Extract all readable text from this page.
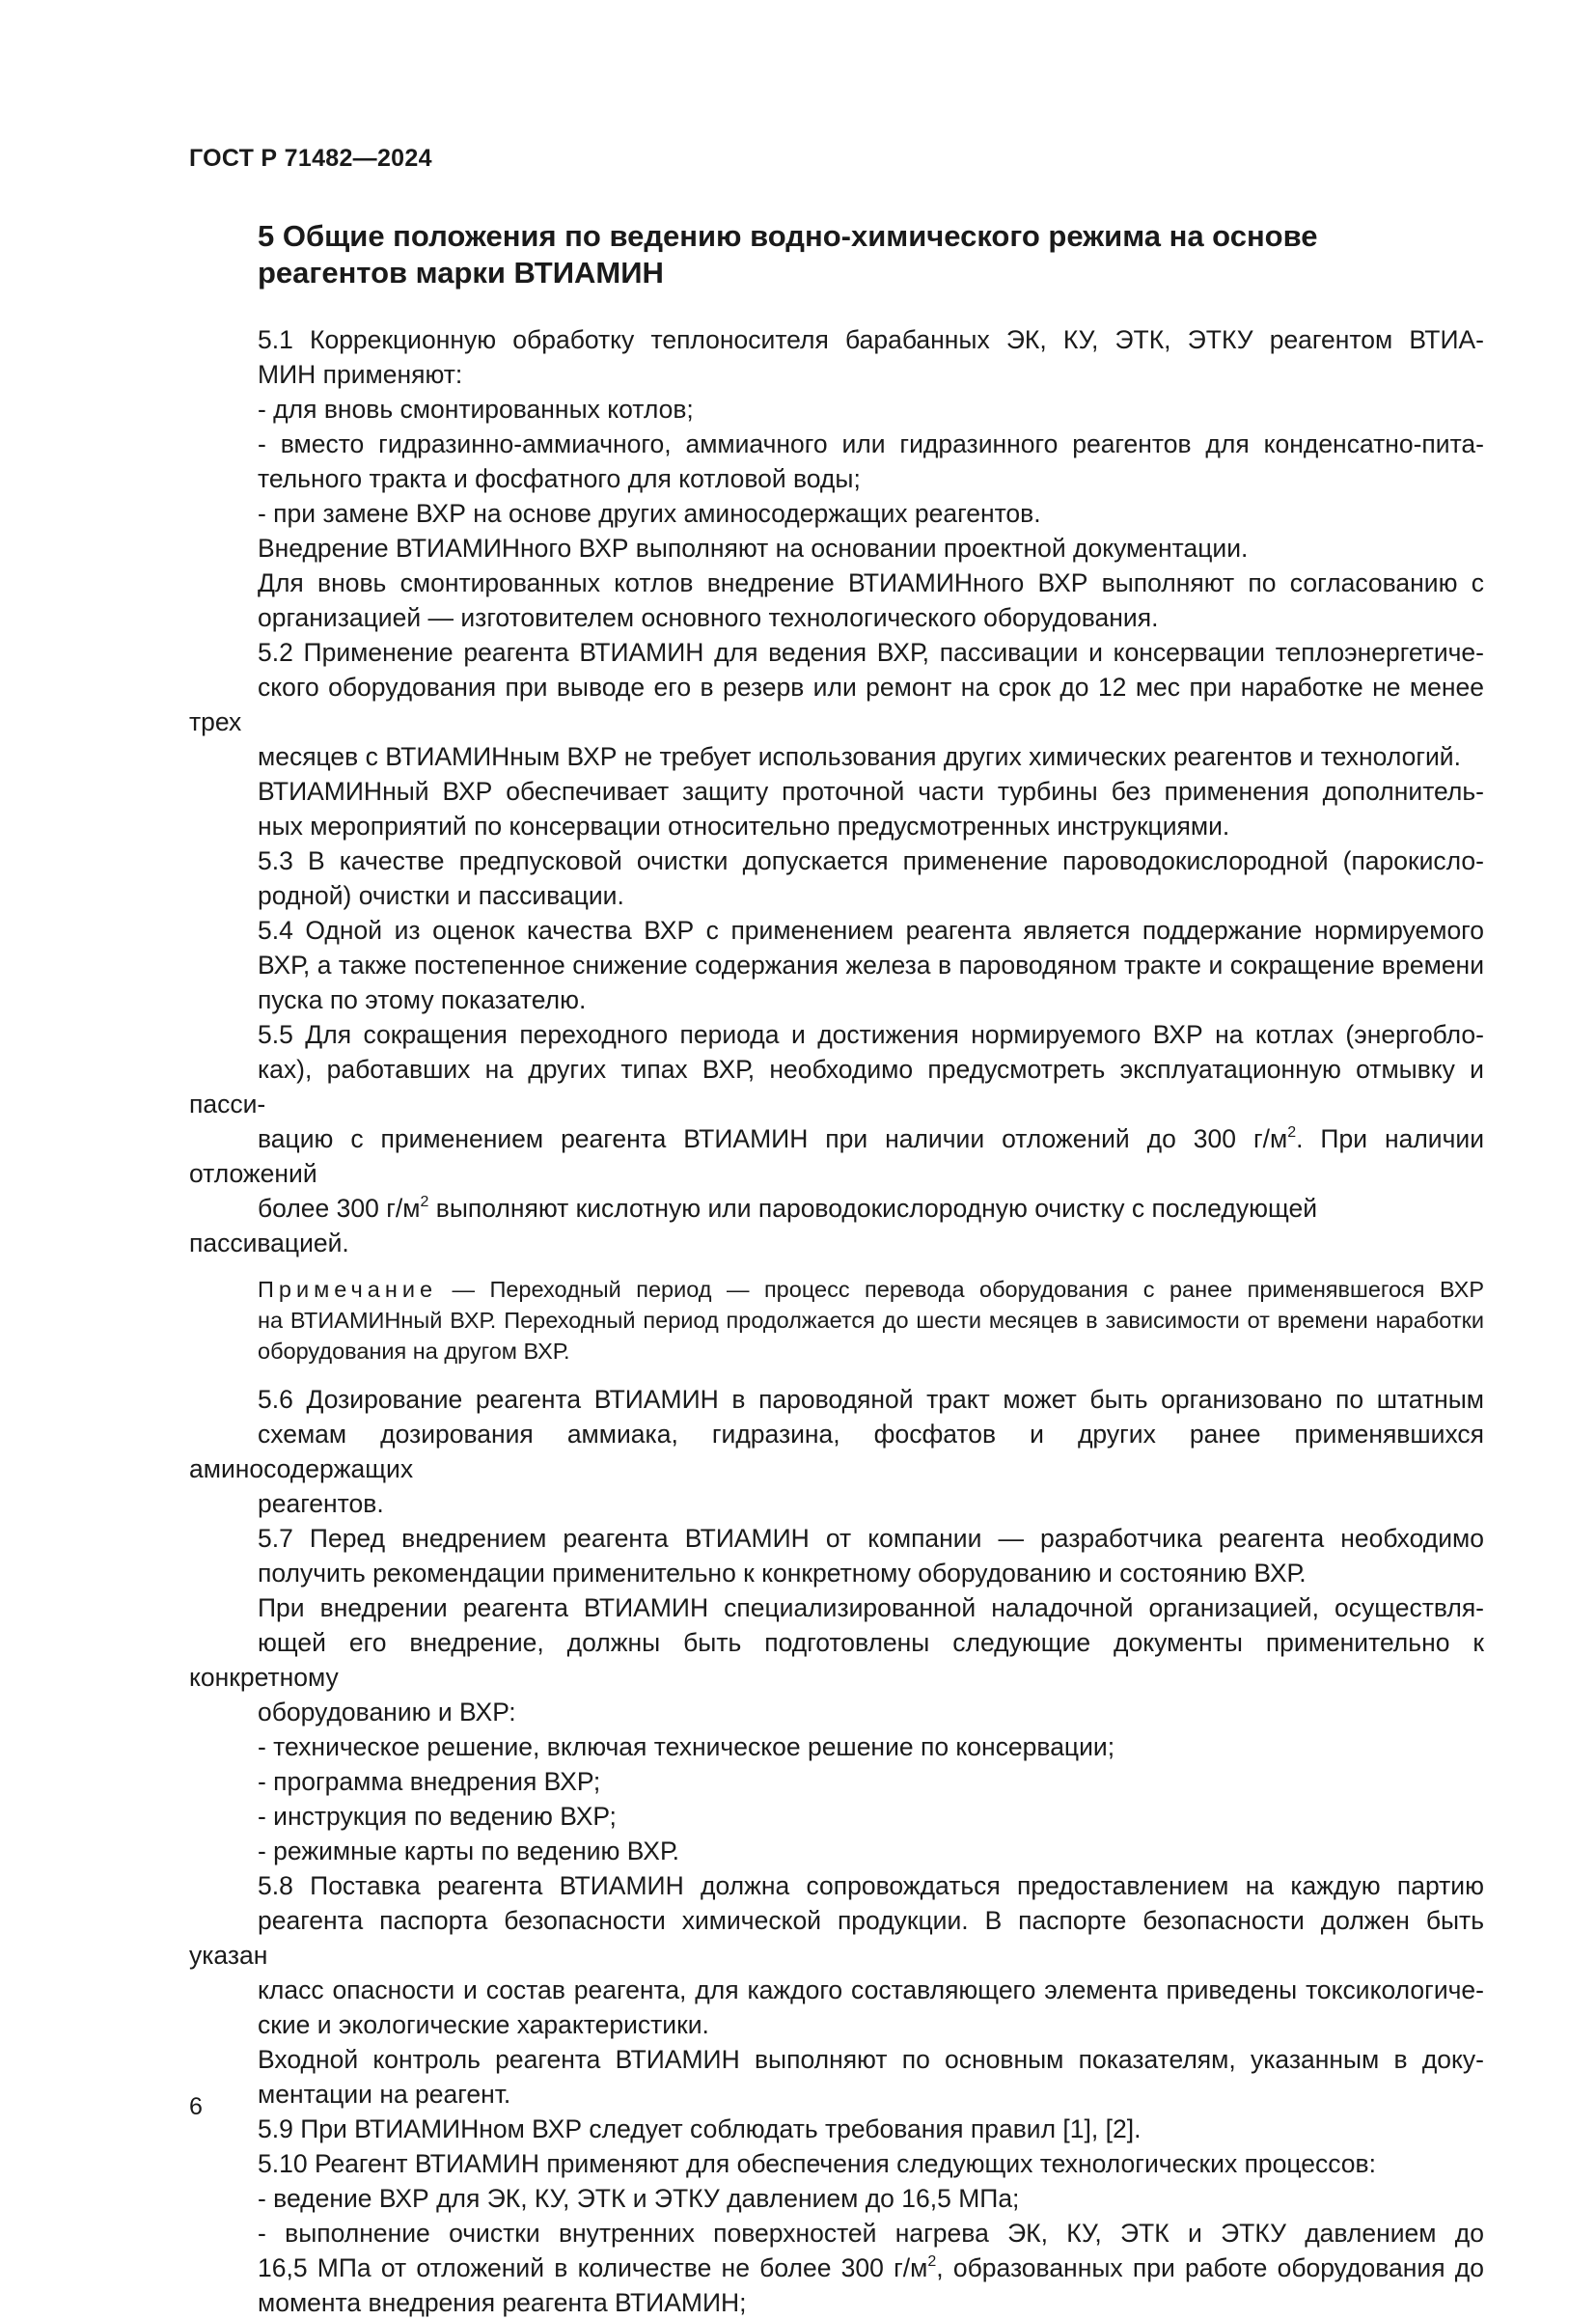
ГОСТ Р 71482—2024
5 Общие положения по ведению водно-химического режима на основе реагентов марки ВТИАМИН

5.1 Коррекционную обработку теплоносителя барабанных ЭК, КУ, ЭТК, ЭТКУ реагентом ВТИА-
МИН применяют:

- для вновь смонтированных котлов;

- вместо гидразинно-аммиачного, аммиачного или гидразинного реагентов для конденсатно-пита-
тельного тракта и фосфатного для котловой воды;

- при замене ВХР на основе других аминосодержащих реагентов.

Внедрение ВТИАМИНного ВХР выполняют на основании проектной документации.

Для вновь смонтированных котлов внедрение ВТИАМИНного ВХР выполняют по согласованию с
организацией — изготовителем основного технологического оборудования.

5.2 Применение реагента ВТИАМИН для ведения ВХР, пассивации и консервации теплоэнергетиче-
ского оборудования при выводе его в резерв или ремонт на срок до 12 мес при наработке не менее трех
месяцев с ВТИАМИНным ВХР не требует использования других химических реагентов и технологий.

ВТИАМИНный ВХР обеспечивает защиту проточной части турбины без применения дополнитель-
ных мероприятий по консервации относительно предусмотренных инструкциями.

5.3 В качестве предпусковой очистки допускается применение пароводокислородной (парокисло-
родной) очистки и пассивации.

5.4 Одной из оценок качества ВХР с применением реагента является поддержание нормируемого
ВХР, а также постепенное снижение содержания железа в пароводяном тракте и сокращение времени
пуска по этому показателю.

5.5 Для сокращения переходного периода и достижения нормируемого ВХР на котлах (энергобло-
ках), работавших на других типах ВХР, необходимо предусмотреть эксплуатационную отмывку и пасси-
вацию с применением реагента ВТИАМИН при наличии отложений до 300 $г/м^2$. При наличии отложений
более 300 $г/м^2$ выполняют кислотную или пароводокислородную очистку с последующей пассивацией.

Примечание — Переходный период — процесс перевода оборудования с ранее применявшегося ВХР
на ВТИАМИНный ВХР. Переходный период продолжается до шести месяцев в зависимости от времени наработки
оборудования на другом ВХР.

5.6 Дозирование реагента ВТИАМИН в пароводяной тракт может быть организовано по штатным
схемам дозирования аммиака, гидразина, фосфатов и других ранее применявшихся аминосодержащих
реагентов.

5.7 Перед внедрением реагента ВТИАМИН от компании — разработчика реагента необходимо
получить рекомендации применительно к конкретному оборудованию и состоянию ВХР.

При внедрении реагента ВТИАМИН специализированной наладочной организацией, осуществля-
ющей его внедрение, должны быть подготовлены следующие документы применительно к конкретному
оборудованию и ВХР:

- техническое решение, включая техническое решение по консервации;

- программа внедрения ВХР;

- инструкция по ведению ВХР;

- режимные карты по ведению ВХР.

5.8 Поставка реагента ВТИАМИН должна сопровождаться предоставлением на каждую партию
реагента паспорта безопасности химической продукции. В паспорте безопасности должен быть указан
класс опасности и состав реагента, для каждого составляющего элемента приведены токсикологиче-
ские и экологические характеристики.

Входной контроль реагента ВТИАМИН выполняют по основным показателям, указанным в доку-
ментации на реагент.

5.9 При ВТИАМИНном ВХР следует соблюдать требования правил [1], [2].

5.10 Реагент ВТИАМИН применяют для обеспечения следующих технологических процессов:

- ведение ВХР для ЭК, КУ, ЭТК и ЭТКУ давлением до 16,5 МПа;

- выполнение очистки внутренних поверхностей нагрева ЭК, КУ, ЭТК и ЭТКУ давлением до
16,5 МПа от отложений в количестве не более 300 $г/м^2$, образованных при работе оборудования до
момента внедрения реагента ВТИАМИН;

6
